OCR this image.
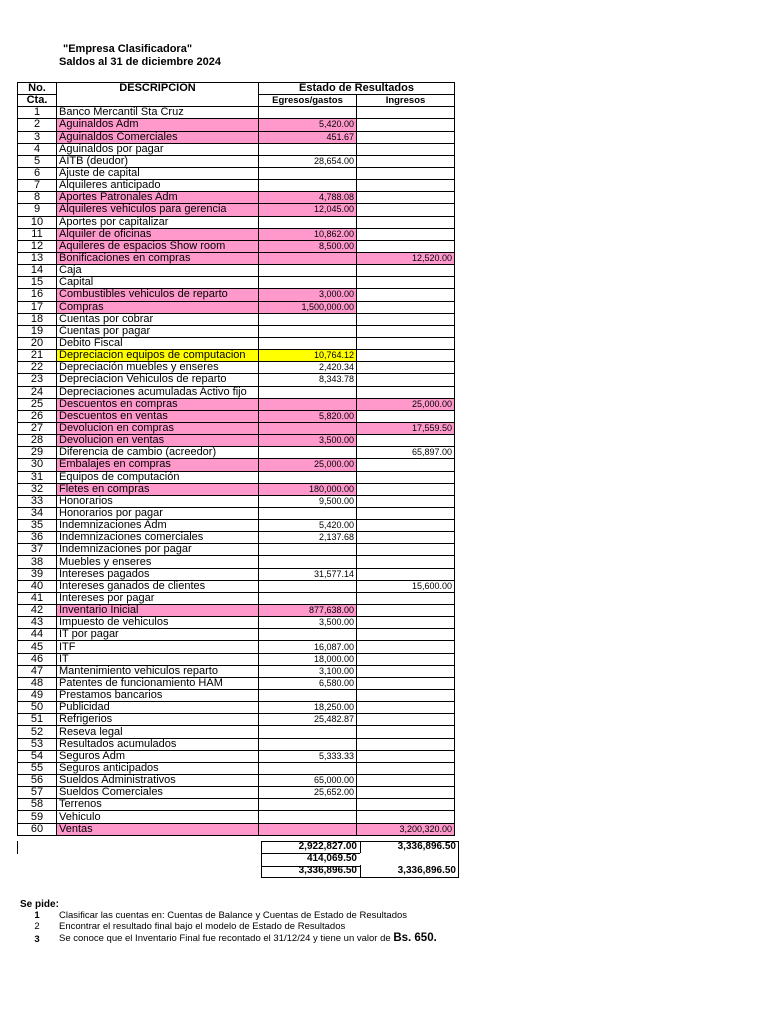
"Empresa Clasificadora"
Saldos al 31 de diciembre 2024
No.	DESCRIPCION	Estado de Resultados	
Cta.		Egresos/gastos	Ingresos
1	Banco Mercantil Sta Cruz		
2	Aguinaldos Adm	5,420.00	
3	Aguinaldos Comerciales	451.67	
4	Aguinaldos por pagar		
5	AITB (deudor)	28,654.00	
6	Ajuste de capital		
7	Alquileres anticipado		
8	Aportes Patronales Adm	4,788.08	
9	Alquileres vehiculos para gerencia	12,045.00	
10	Aportes por capitalizar		
11	Alquiler de oficinas	10,862.00	
12	Aquileres de espacios Show room	8,500.00	
13	Bonificaciones en compras		12,520.00
14	Caja		
15	Capital		
16	Combustibles vehiculos de reparto	3,000.00	
17	Compras	1,500,000.00	
18	Cuentas por cobrar		
19	Cuentas por pagar		
20	Debito Fiscal		
21	Depreciacion equipos de computacion	10,764.12	
22	Depreciación muebles y enseres	2,420.34	
23	Depreciacion Vehiculos de reparto	8,343.78	
24	Depreciaciones acumuladas Activo fijo		
25	Descuentos en compras		25,000.00
26	Descuentos en ventas	5,820.00	
27	Devolucion en compras		17,559.50
28	Devolucion en ventas	3,500.00	
29	Diferencia de cambio (acreedor)		65,897.00
30	Embalajes en compras	25,000.00	
31	Equipos de computación		
32	Fletes en compras	180,000.00	
33	Honorarios	9,500.00	
34	Honorarios por pagar		
35	Indemnizaciones Adm	5,420.00	
36	Indemnizaciones comerciales	2,137.68	
37	Indemnizaciones por pagar		
38	Muebles y enseres		
39	Intereses pagados	31,577.14	
40	Intereses ganados de clientes		15,600.00
41	Intereses por pagar		
42	Inventario Inicial	877,638.00	
43	Impuesto de vehiculos	3,500.00	
44	IT por pagar		
45	ITF	16,087.00	
46	IT	18,000.00	
47	Mantenimiento vehiculos reparto	3,100.00	
48	Patentes de funcionamiento HAM	6,580.00	
49	Prestamos bancarios		
50	Publicidad	18,250.00	
51	Refrigerios	25,482.87	
52	Reseva legal		
53	Resultados acumulados		
54	Seguros Adm	5,333.33	
55	Seguros anticipados		
56	Sueldos Administrativos	65,000.00	
57	Sueldos Comerciales	25,652.00	
58	Terrenos		
59	Vehiculo		
60	Ventas		3,200,320.00
2,922,827.00	3,336,896.50
414,069.50
3,336,896.50	3,336,896.50
Se pide:
1	Clasificar las cuentas en: Cuentas de Balance y Cuentas de Estado de Resultados
2	Encontrar el resultado final bajo el modelo de Estado de Resultados
3	Se conoce que el Inventario Final fue recontado el 31/12/24 y tiene un valor de Bs. 650.
